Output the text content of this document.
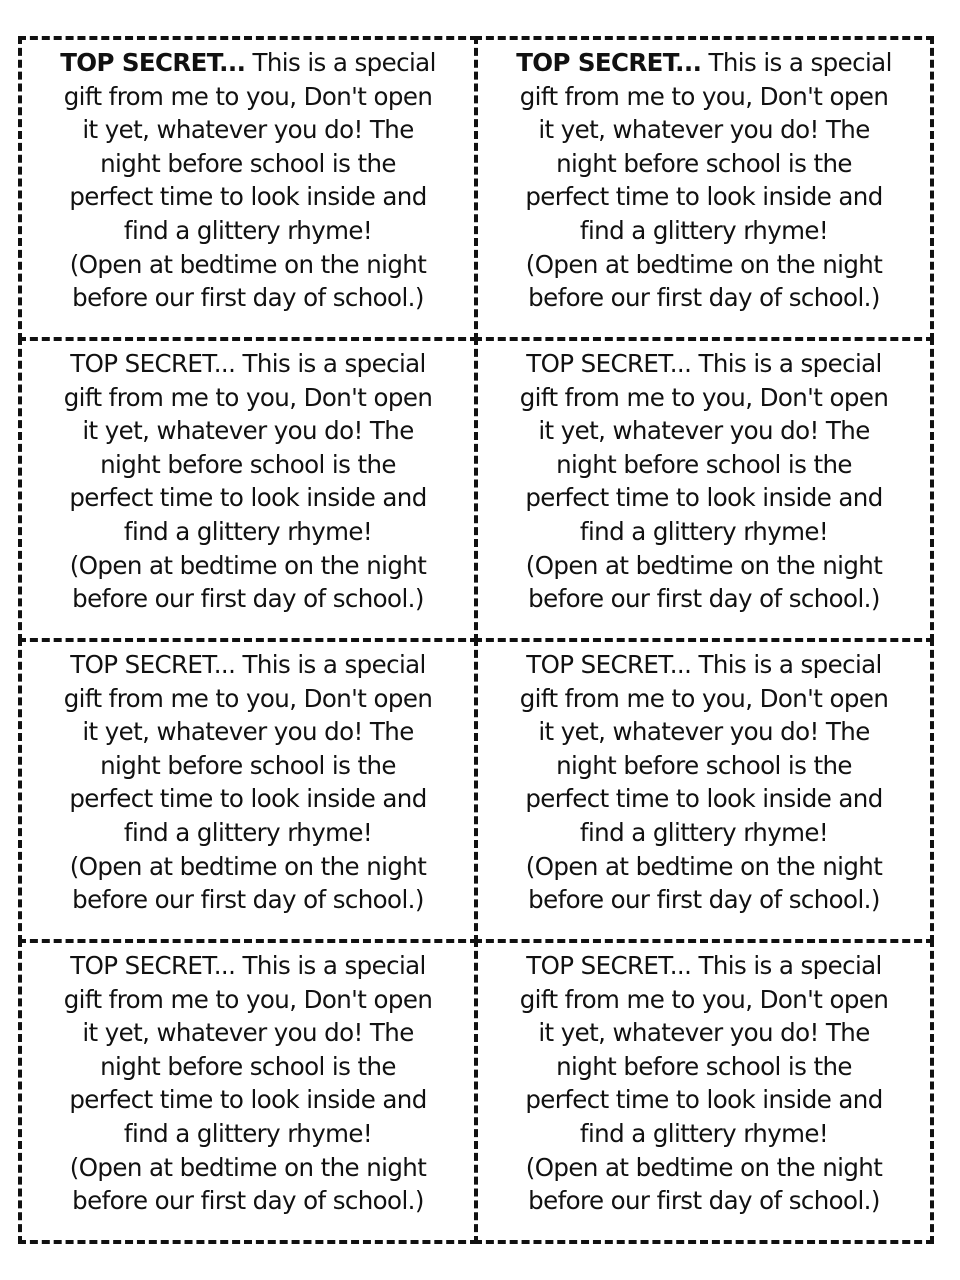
TOP SECRET... This is a special
gift from me to you, Don't open
it yet, whatever you do! The
night before school is the
perfect time to look inside and
find a glittery rhyme!
(Open at bedtime on the night
before our first day of school.)
TOP SECRET... This is a special
gift from me to you, Don't open
it yet, whatever you do! The
night before school is the
perfect time to look inside and
find a glittery rhyme!
(Open at bedtime on the night
before our first day of school.)
TOP SECRET... This is a special
gift from me to you, Don't open
it yet, whatever you do! The
night before school is the
perfect time to look inside and
find a glittery rhyme!
(Open at bedtime on the night
before our first day of school.)
TOP SECRET... This is a special
gift from me to you, Don't open
it yet, whatever you do! The
night before school is the
perfect time to look inside and
find a glittery rhyme!
(Open at bedtime on the night
before our first day of school.)
TOP SECRET... This is a special
gift from me to you, Don't open
it yet, whatever you do! The
night before school is the
perfect time to look inside and
find a glittery rhyme!
(Open at bedtime on the night
before our first day of school.)
TOP SECRET... This is a special
gift from me to you, Don't open
it yet, whatever you do! The
night before school is the
perfect time to look inside and
find a glittery rhyme!
(Open at bedtime on the night
before our first day of school.)
TOP SECRET... This is a special
gift from me to you, Don't open
it yet, whatever you do! The
night before school is the
perfect time to look inside and
find a glittery rhyme!
(Open at bedtime on the night
before our first day of school.)
TOP SECRET... This is a special
gift from me to you, Don't open
it yet, whatever you do! The
night before school is the
perfect time to look inside and
find a glittery rhyme!
(Open at bedtime on the night
before our first day of school.)
